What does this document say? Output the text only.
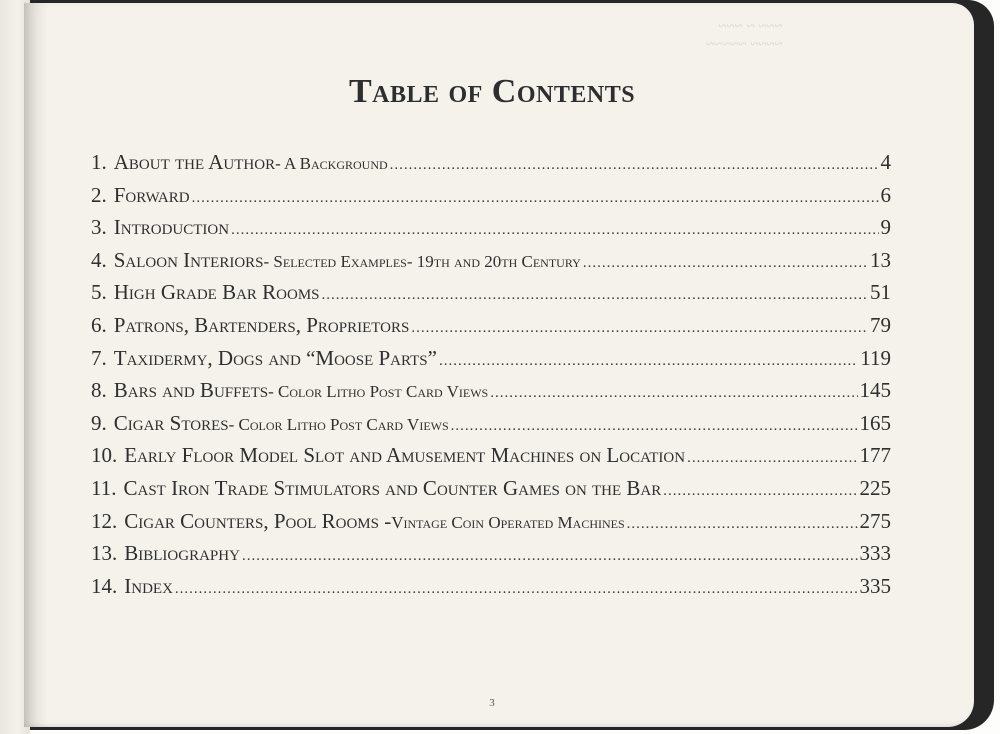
~~~ ~ ~~~
~~~~ ~~~~~
Table of Contents
1. About the Author - A Background .....	4
2. Forward .....	6
3. Introduction .....	9
4. Saloon Interiors - Selected Examples- 19th and 20th Century .....	13
5. High Grade Bar Rooms .....	51
6. Patrons, Bartenders, Proprietors .....	79
7. Taxidermy, Dogs and “Moose Parts” .....	119
8. Bars and Buffets - Color Litho Post Card Views .....	145
9. Cigar Stores - Color Litho Post Card Views .....	165
10. Early Floor Model Slot and Amusement Machines on Location .....	177
11. Cast Iron Trade Stimulators and Counter Games on the Bar .....	225
12. Cigar Counters, Pool Rooms - Vintage Coin Operated Machines .....	275
13. Bibliography .....	333
14. Index .....	335
3
